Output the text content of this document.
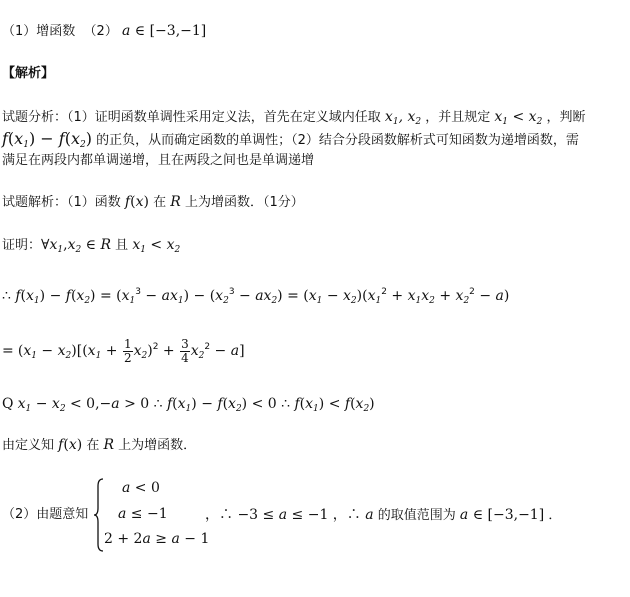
（1）增函数 （2） a ∈ [−3,−1]
【解析】
试题分析：（1）证明函数单调性采用定义法，首先在定义域内任取 $x_1$, $x_2$ ，并且规定 $x_1 < x_2$ ，判断
$f(x_1) - f(x_2)$ 的正负，从而确定函数的单调性；（2）结合分段函数解析式可知函数为递增函数，需
满足在两段内都单调递增，且在两段之间也是单调递增
试题解析：（1）函数 f(x) 在 R 上为增函数．（1分）
证明：$\forall x_1,x_2$ ∈ R 且 $x_1 < x_2$
∴ $f(x_1) - f(x_2) = (x_1^3 - ax_1) - (x_2^3 - ax_2) = (x_1 - x_2)(x_1^2 + x_1x_2 + x_2^2 - a)$
= $(x_1 - x_2)[(x_1 + \frac{1}{2} x_2)^2 + \frac{3}{4} x_2^2 - a]$
Q $x_1 - x_2 < 0,-a > 0$ ∴ $f(x_1) - f(x_2) < 0$ ∴ $f(x_1) < f(x_2)$
由定义知 f(x) 在 R 上为增函数．
（2）由题意知
a < 0
a ≤ −1
2 + 2a ≥ a − 1
，∴ −3 ≤ a ≤ −1 ，∴ a 的取值范围为 a ∈ [−3,−1] ．
